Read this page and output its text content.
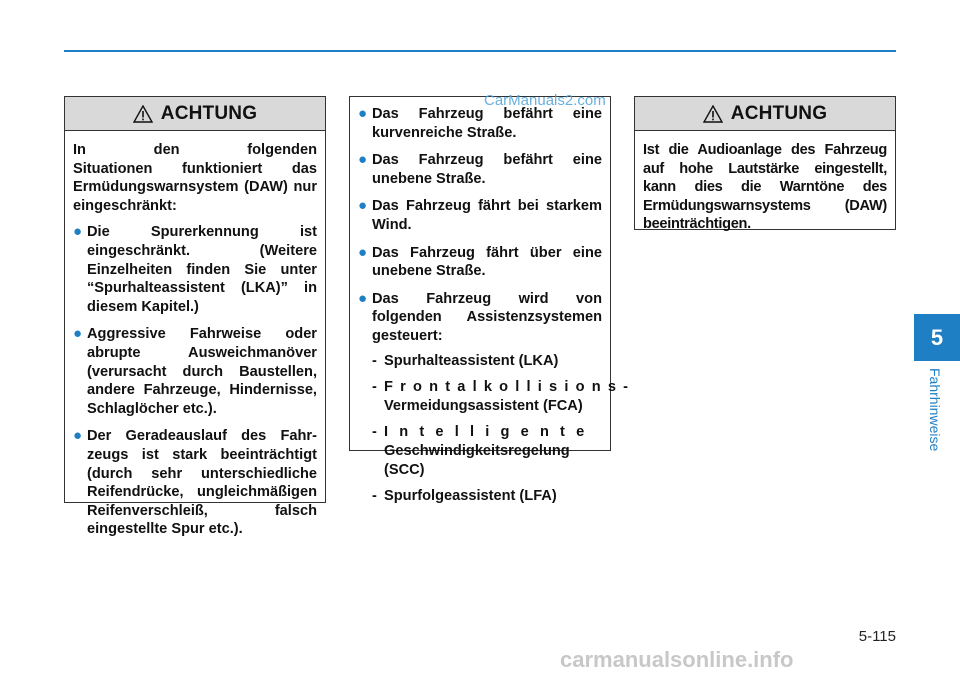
ACHTUNG
In den folgenden
Situationen funktioniert das Ermüdungswarnsystem (DAW) nur eingeschränkt:
● Die Spurerkennung ist eingeschränkt. (Weitere Einzelheiten finden Sie unter “Spurhalteassistent (LKA)” in diesem Kapitel.)
● Aggressive Fahrweise oder abrupte Ausweichmanöver (verursacht durch Baustellen, andere Fahrzeuge, Hindernisse, Schlaglöcher etc.).
● Der Geradeauslauf des Fahrzeugs ist stark beeinträchtigt (durch sehr unterschiedliche Reifendrücke, ungleichmäßigen Reifenverschleiß, falsch eingestellte Spur etc.).
● Das Fahrzeug befährt eine kurvenreiche Straße.
● Das Fahrzeug befährt eine unebene Straße.
● Das Fahrzeug fährt bei starkem Wind.
● Das Fahrzeug fährt über eine unebene Straße.
● Das Fahrzeug wird von folgenden Assistenzsystemen gesteuert:
- Spurhalteassistent (LKA)
- Frontalkollisions-
Vermeidungsassistent (FCA)
- Intelligente
Geschwindigkeitsregelung (SCC)
- Spurfolgeassistent (LFA)
ACHTUNG
Ist die Audioanlage des Fahrzeug auf hohe Lautstärke eingestellt, kann dies die Warntöne des Ermüdungswarnsystems (DAW) beeinträchtigen.
5
Fahrhinweise
5-115
CarManuals2.com
carmanualsonline.info
